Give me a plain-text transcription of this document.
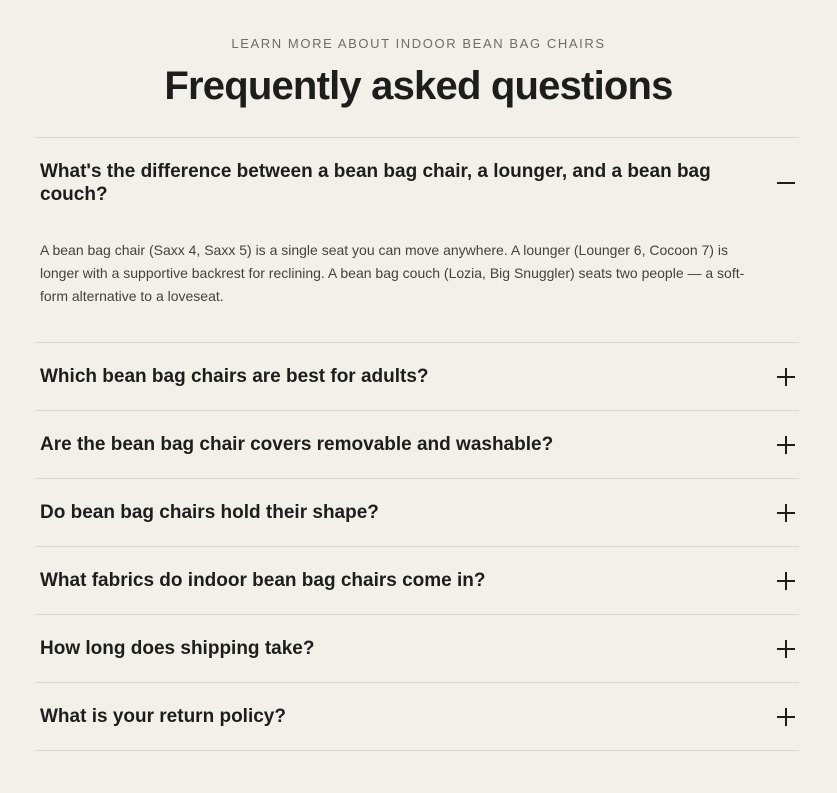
LEARN MORE ABOUT INDOOR BEAN BAG CHAIRS

Frequently asked questions
What's the difference between a bean bag chair, a lounger, and a bean bag couch?
A bean bag chair (Saxx 4, Saxx 5) is a single seat you can move anywhere. A lounger (Lounger 6, Cocoon 7) is longer with a supportive backrest for reclining. A bean bag couch (Lozia, Big Snuggler) seats two people — a soft-form alternative to a loveseat.
Which bean bag chairs are best for adults?
Are the bean bag chair covers removable and washable?
Do bean bag chairs hold their shape?
What fabrics do indoor bean bag chairs come in?
How long does shipping take?
What is your return policy?
